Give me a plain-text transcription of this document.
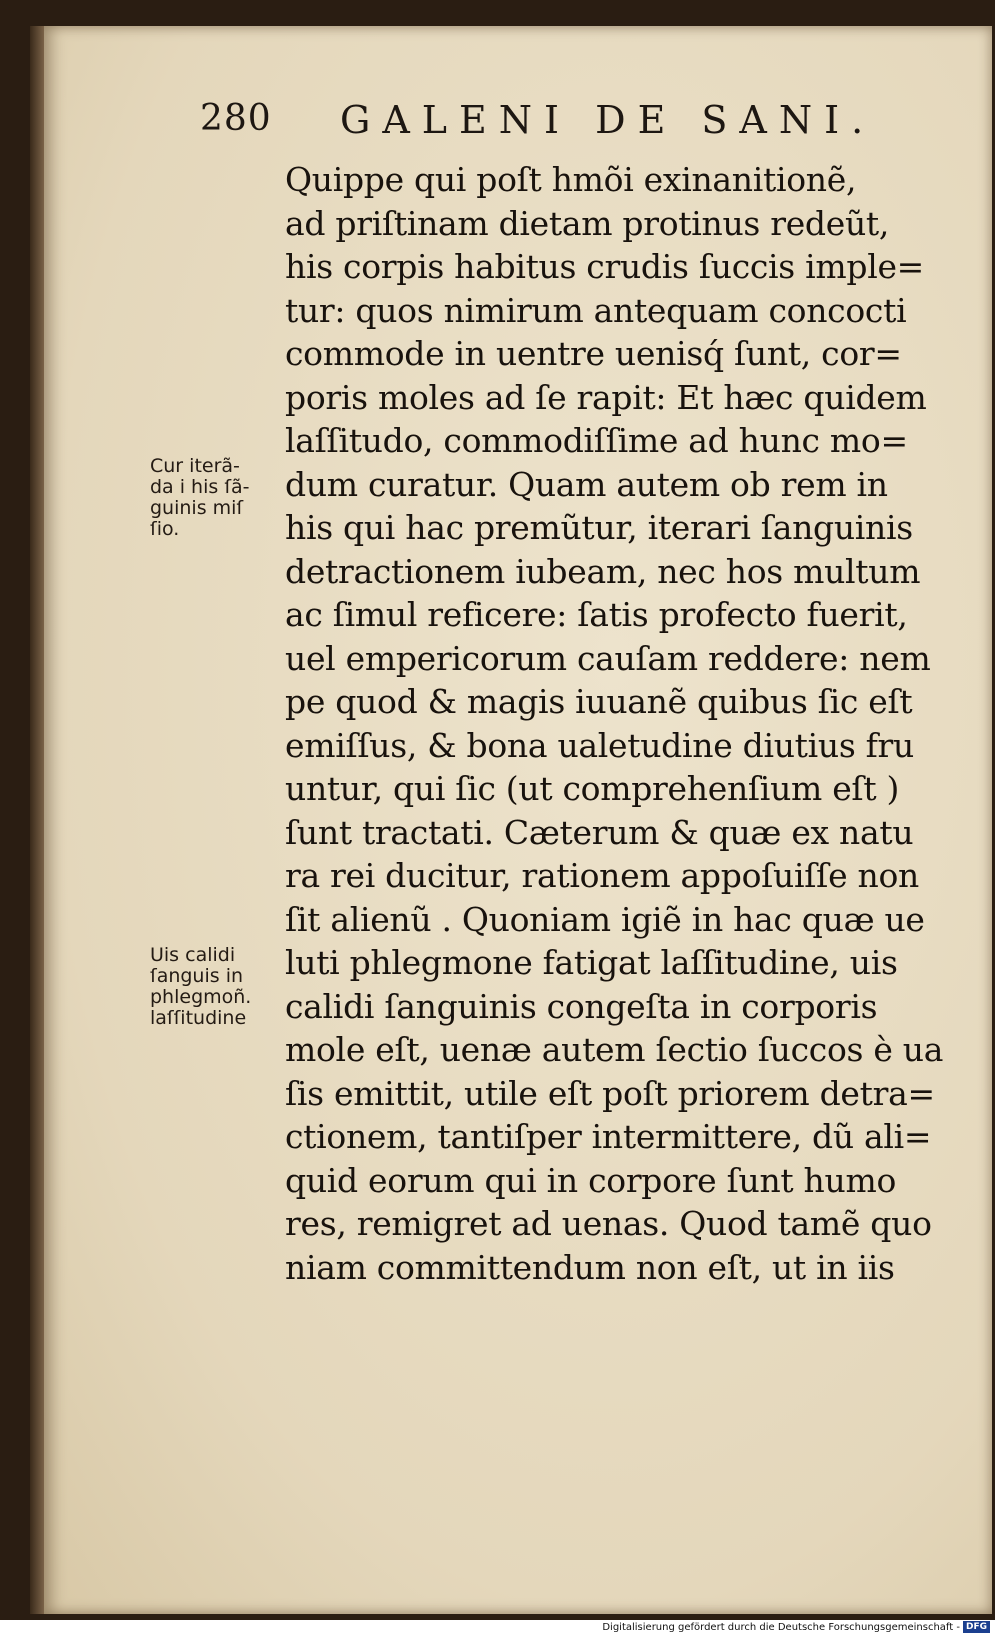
280 GALENI DE SANI.
Cur iterã-
da i his ſã-
guinis miſ
ſio.
Uis calidi
ſanguis in
phlegmoñ.
laſſitudine
Quippe qui poſt hmõi exinanitionẽ,
ad priſtinam dietam protinus redeũt,
his corpis habitus crudis ſuccis imple=
tur: quos nimirum antequam concocti
commode in uentre uenisq́ ſunt, cor=
poris moles ad ſe rapit: Et hæc quidem
laſſitudo, commodiſſime ad hunc mo=
dum curatur. Quam autem ob rem in
his qui hac premũtur, iterari ſanguinis
detractionem iubeam, nec hos multum
ac ſimul reficere: ſatis profecto fuerit,
uel empericorum cauſam reddere: nem
pe quod & magis iuuanẽ quibus ſic eſt
emiſſus, & bona ualetudine diutius fru
untur, qui ſic (ut comprehenſium eſt )
ſunt tractati. Cæterum & quæ ex natu
ra rei ducitur, rationem appoſuiſſe non
ſit alienũ . Quoniam igiẽ in hac quæ ue
luti phlegmone fatigat laſſitudine, uis
calidi ſanguinis congeſta in corporis
mole eſt, uenæ autem ſectio ſuccos è ua
ſis emittit, utile eſt poſt priorem detra=
ctionem, tantiſper intermittere, dũ ali=
quid eorum qui in corpore ſunt humo
res, remigret ad uenas. Quod tamẽ quo
niam committendum non eſt, ut in iis
Digitalisierung gefördert durch die Deutsche Forschungsgemeinschaft - DFG
